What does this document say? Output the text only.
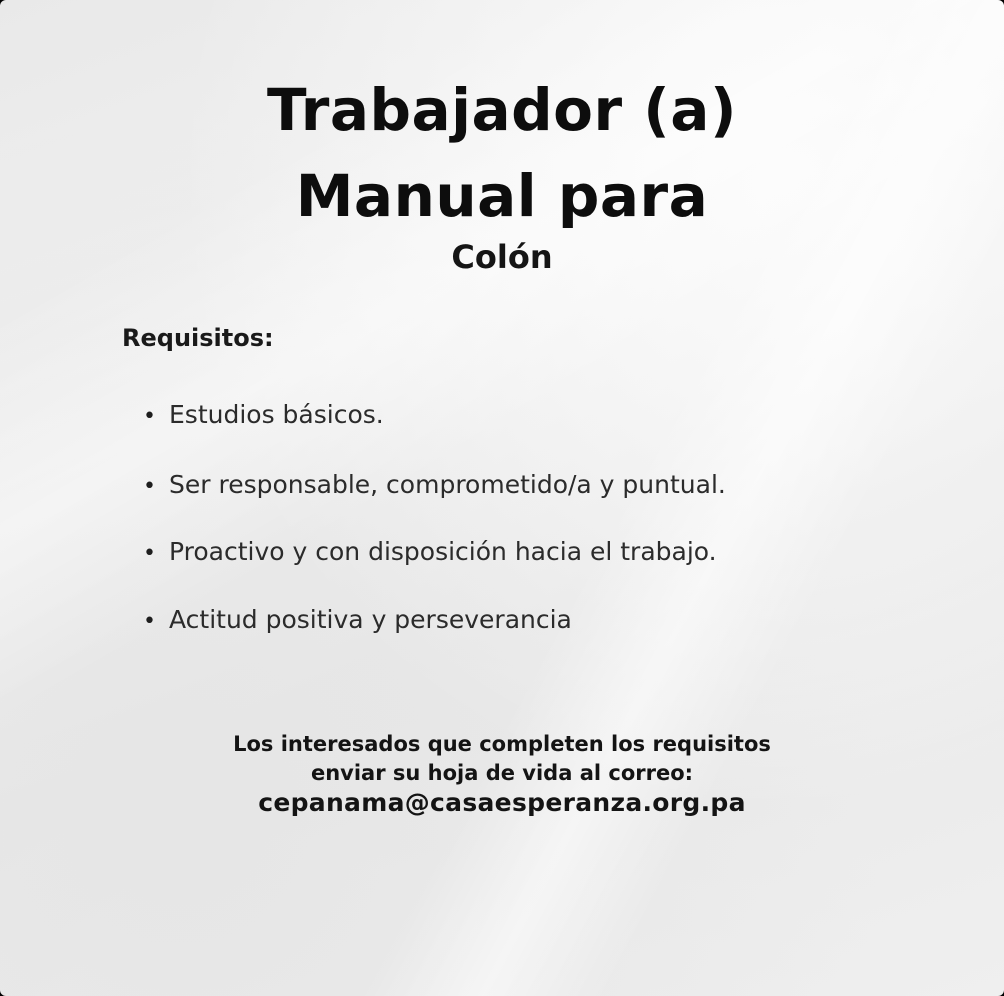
Trabajador (a)
Manual para
Colón
Requisitos:
• Estudios básicos.
• Ser responsable, comprometido/a y puntual.
• Proactivo y con disposición hacia el trabajo.
• Actitud positiva y perseverancia
Los interesados que completen los requisitos
enviar su hoja de vida al correo:
cepanama@casaesperanza.org.pa
